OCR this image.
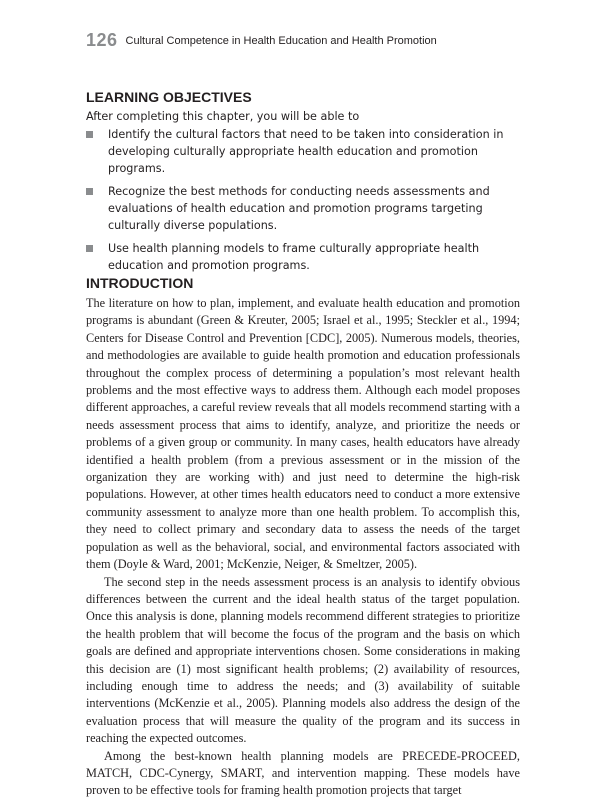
126 Cultural Competence in Health Education and Health Promotion
LEARNING OBJECTIVES
After completing this chapter, you will be able to
Identify the cultural factors that need to be taken into consideration in developing culturally appropriate health education and promotion programs.
Recognize the best methods for conducting needs assessments and evaluations of health education and promotion programs targeting culturally diverse populations.
Use health planning models to frame culturally appropriate health education and promotion programs.
INTRODUCTION

The literature on how to plan, implement, and evaluate health education and promotion programs is abundant (Green & Kreuter, 2005; Israel et al., 1995; Steckler et al., 1994; Centers for Disease Control and Prevention [CDC], 2005). Numerous models, theories, and methodologies are available to guide health promotion and education professionals throughout the complex process of determining a population’s most relevant health problems and the most effective ways to address them. Although each model proposes different approaches, a careful review reveals that all models recommend starting with a needs assessment process that aims to identify, analyze, and prioritize the needs or problems of a given group or community. In many cases, health educators have already identified a health problem (from a previous assessment or in the mission of the organization they are working with) and just need to determine the high-risk populations. However, at other times health educators need to conduct a more extensive community assessment to analyze more than one health problem. To accomplish this, they need to collect primary and secondary data to assess the needs of the target population as well as the behavioral, social, and environmental factors associated with them (Doyle & Ward, 2001; McKenzie, Neiger, & Smeltzer, 2005).

The second step in the needs assessment process is an analysis to identify obvious differences between the current and the ideal health status of the target population. Once this analysis is done, planning models recommend different strategies to prioritize the health problem that will become the focus of the program and the basis on which goals are defined and appropriate interventions chosen. Some considerations in making this decision are (1) most significant health problems; (2) availability of resources, including enough time to address the needs; and (3) availability of suitable interventions (McKenzie et al., 2005). Planning models also address the design of the evaluation process that will measure the quality of the program and its success in reaching the expected outcomes.

Among the best-known health planning models are PRECEDE-PROCEED, MATCH, CDC-Cynergy, SMART, and intervention mapping. These models have proven to be effective tools for framing health promotion projects that target
